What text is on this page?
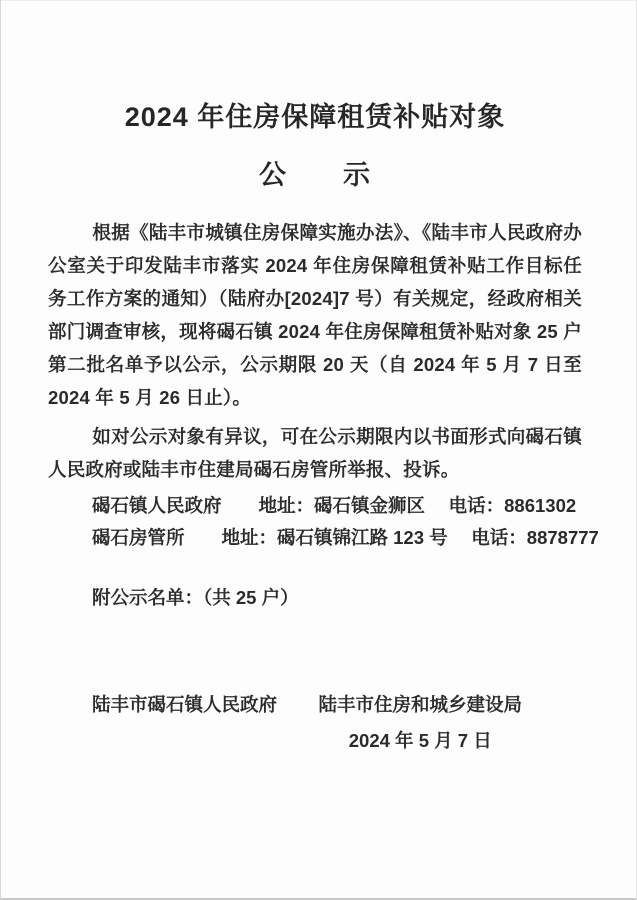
2024 年住房保障租赁补贴对象
公　　示

根据《陆丰市城镇住房保障实施办法》、《陆丰市人民政府办公室关于印发陆丰市落实 2024 年住房保障租赁补贴工作目标任务工作方案的通知）（陆府办[2024]7 号）有关规定，经政府相关部门调查审核，现将碣石镇 2024 年住房保障租赁补贴对象 25 户第二批名单予以公示，公示期限 20 天（自 2024 年 5 月 7 日至 2024 年 5 月 26 日止）。

如对公示对象有异议，可在公示期限内以书面形式向碣石镇人民政府或陆丰市住建局碣石房管所举报、投诉。

碣石镇人民政府　　地址：碣石镇金狮区　 电话：8861302

碣石房管所　　地址：碣石镇锦江路 123 号　 电话：8878777

附公示名单：（共 25 户）

陆丰市碣石镇人民政府 陆丰市住房和城乡建设局
2024 年 5 月 7 日
